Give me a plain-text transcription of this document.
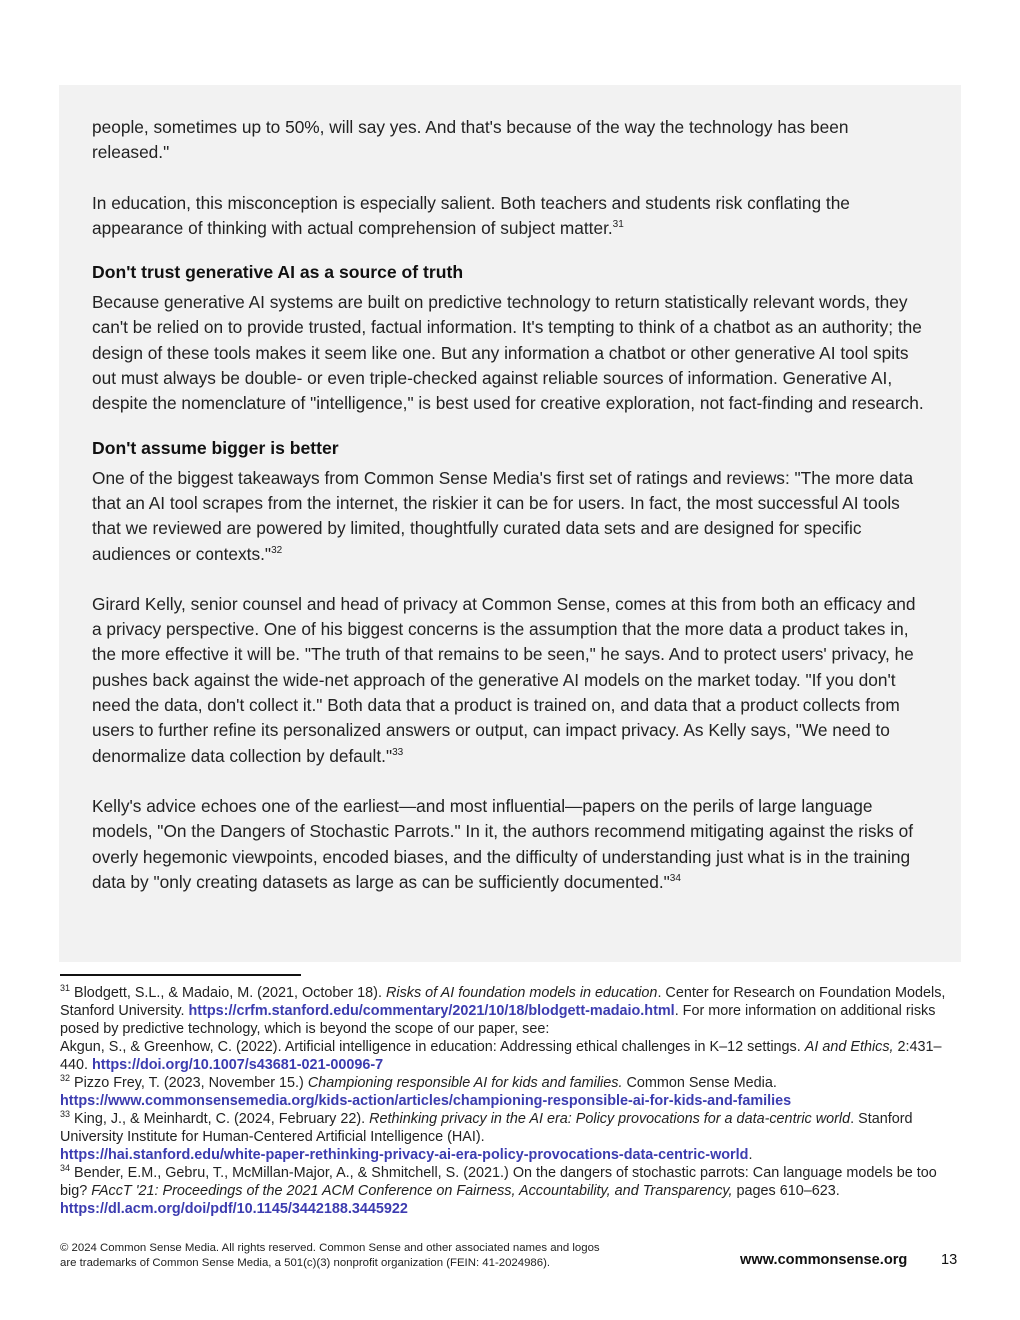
people, sometimes up to 50%, will say yes. And that's because of the way the technology has been released."

In education, this misconception is especially salient. Both teachers and students risk conflating the appearance of thinking with actual comprehension of subject matter.$^{31}$

Don't trust generative AI as a source of truth

Because generative AI systems are built on predictive technology to return statistically relevant words, they can't be relied on to provide trusted, factual information. It's tempting to think of a chatbot as an authority; the design of these tools makes it seem like one. But any information a chatbot or other generative AI tool spits out must always be double- or even triple-checked against reliable sources of information. Generative AI, despite the nomenclature of "intelligence," is best used for creative exploration, not fact-finding and research.

Don't assume bigger is better

One of the biggest takeaways from Common Sense Media's first set of ratings and reviews: "The more data that an AI tool scrapes from the internet, the riskier it can be for users. In fact, the most successful AI tools that we reviewed are powered by limited, thoughtfully curated data sets and are designed for specific audiences or contexts."$^{32}$

Girard Kelly, senior counsel and head of privacy at Common Sense, comes at this from both an efficacy and a privacy perspective. One of his biggest concerns is the assumption that the more data a product takes in, the more effective it will be. "The truth of that remains to be seen," he says. And to protect users' privacy, he pushes back against the wide-net approach of the generative AI models on the market today. "If you don't need the data, don't collect it." Both data that a product is trained on, and data that a product collects from users to further refine its personalized answers or output, can impact privacy. As Kelly says, "We need to denormalize data collection by default."$^{33}$

Kelly's advice echoes one of the earliest—and most influential—papers on the perils of large language models, "On the Dangers of Stochastic Parrots." In it, the authors recommend mitigating against the risks of overly hegemonic viewpoints, encoded biases, and the difficulty of understanding just what is in the training data by "only creating datasets as large as can be sufficiently documented."$^{34}$

$^{31}$ Blodgett, S.L., & Madaio, M. (2021, October 18). Risks of AI foundation models in education. Center for Research on Foundation Models, Stanford University. https://crfm.stanford.edu/commentary/2021/10/18/blodgett-madaio.html. For more information on additional risks posed by predictive technology, which is beyond the scope of our paper, see:
Akgun, S., & Greenhow, C. (2022). Artificial intelligence in education: Addressing ethical challenges in K–12 settings. AI and Ethics, 2:431–440. https://doi.org/10.1007/s43681-021-00096-7
$^{32}$ Pizzo Frey, T. (2023, November 15.) Championing responsible AI for kids and families. Common Sense Media.
https://www.commonsensemedia.org/kids-action/articles/championing-responsible-ai-for-kids-and-families
$^{33}$ King, J., & Meinhardt, C. (2024, February 22). Rethinking privacy in the AI era: Policy provocations for a data-centric world. Stanford University Institute for Human-Centered Artificial Intelligence (HAI).
https://hai.stanford.edu/white-paper-rethinking-privacy-ai-era-policy-provocations-data-centric-world.
$^{34}$ Bender, E.M., Gebru, T., McMillan-Major, A., & Shmitchell, S. (2021.) On the dangers of stochastic parrots: Can language models be too big? FAccT '21: Proceedings of the 2021 ACM Conference on Fairness, Accountability, and Transparency, pages 610–623.
https://dl.acm.org/doi/pdf/10.1145/3442188.3445922
© 2024 Common Sense Media. All rights reserved. Common Sense and other associated names and logos
are trademarks of Common Sense Media, a 501(c)(3) nonprofit organization (FEIN: 41-2024986).	www.commonsense.org 13
